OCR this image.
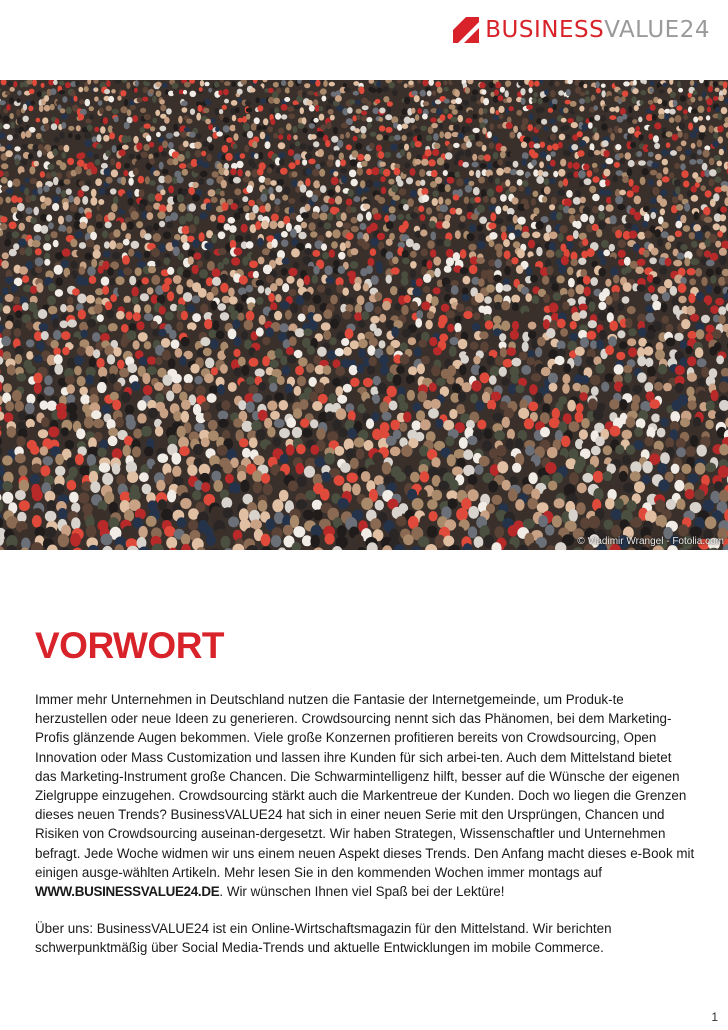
BUSINESSVALUE24
© Vladimir Wrangel - Fotolia.com
VORWORT

Immer mehr Unternehmen in Deutschland nutzen die Fantasie der Internetgemeinde, um Produk-te herzustellen oder neue Ideen zu generieren. Crowdsourcing nennt sich das Phänomen, bei dem Marketing-Profis glänzende Augen bekommen. Viele große Konzernen profitieren bereits von Crowdsourcing, Open Innovation oder Mass Customization und lassen ihre Kunden für sich arbei-ten. Auch dem Mittelstand bietet das Marketing-Instrument große Chancen. Die Schwarmintelligenz hilft, besser auf die Wünsche der eigenen Zielgruppe einzugehen. Crowdsourcing stärkt auch die Markentreue der Kunden. Doch wo liegen die Grenzen dieses neuen Trends? BusinessVALUE24 hat sich in einer neuen Serie mit den Ursprüngen, Chancen und Risiken von Crowdsourcing auseinan-dergesetzt. Wir haben Strategen, Wissenschaftler und Unternehmen befragt. Jede Woche widmen wir uns einem neuen Aspekt dieses Trends. Den Anfang macht dieses e-Book mit einigen ausge-wählten Artikeln. Mehr lesen Sie in den kommenden Wochen immer montags auf WWW.BUSINESSVALUE24.DE. Wir wünschen Ihnen viel Spaß bei der Lektüre!

Über uns: BusinessVALUE24 ist ein Online-Wirtschaftsmagazin für den Mittelstand. Wir berichten schwerpunktmäßig über Social Media-Trends und aktuelle Entwicklungen im mobile Commerce.

1
